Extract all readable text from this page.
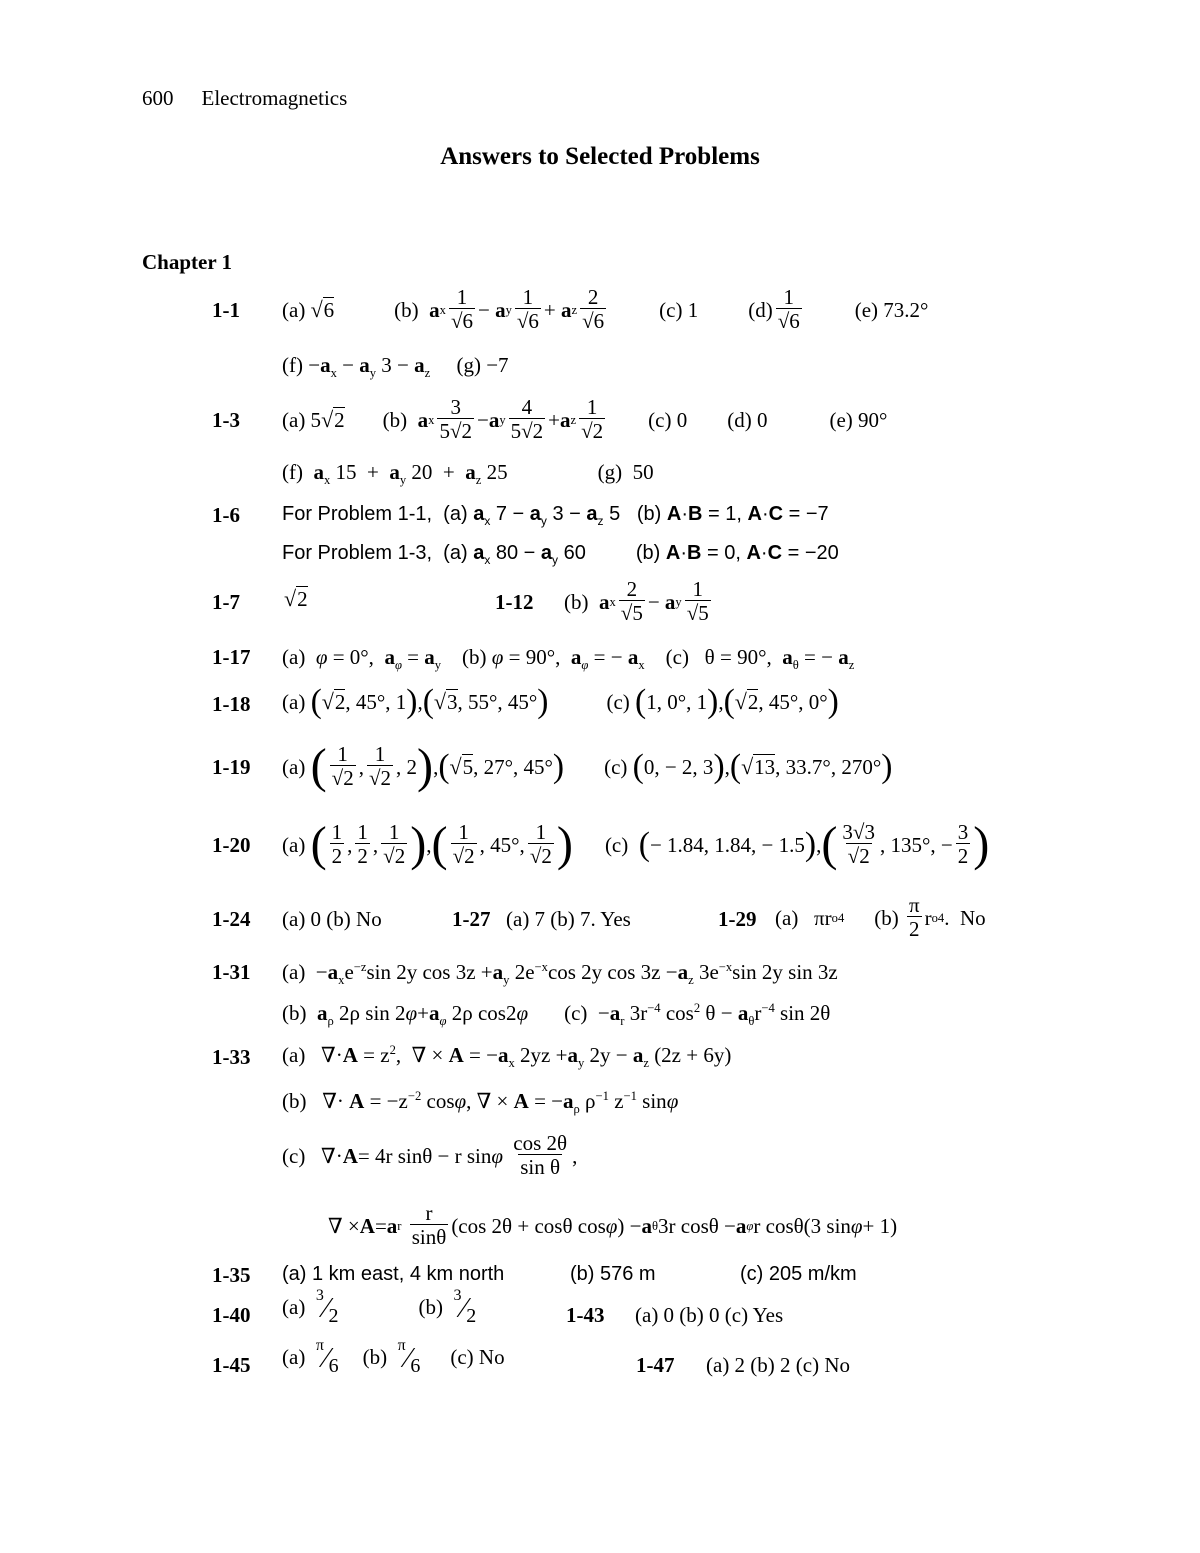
600 Electromagnetics
Answers to Selected Problems
Chapter 1
1-1 (a) √6	(b) a x $\frac{1}{√6} - a$ y $\frac{1}{√6} + a$ z $\frac{2}{√6}$	(c) 1 $(d) \frac{1}{√6}$	(e) 73.2°
$(f) -a_x - a_y$ $3 - a_z$     (g) −7
1-3 (a) 5 √2 (b) a x $\frac{3}{5√2} - a$ y $\frac{4}{5√2} + a$ z $\frac{1}{√2} (c)$ 0 (d) 0	(e) 90°
(f)  $a_x$ $15 + a_y$ $20 + a_z$ 25	(g)  50
1-6 For Problem 1-1,  (a) $a_x$ $7 - a_y$ $3 - a_z$ 5   (b) A·B = 1, A·C = −7
For Problem 1-3,  (a) $a_x$ $80 - a_y$ 60	(b) A·B = 0, A·C = −20
1-7 √2	1-12 (b) a x $\frac{2}{√5} - a$ y $\frac{1}{√5}$
1-17 (a)  φ = 0°,  $a_\varphi = a_y$    (b) φ = 90°,  $a_\varphi$ = − $a_x$    (c)   θ = 90°,  $a_\theta$ = − $a_z$
1-18 (a) ( √2 , 45°, 1 ) , ( √3 , 55°, 45° )	(c) ( 1, 0°, 1 ) , ( √2 , 45°, 0° )
1-19 (a) ( $\frac{1}{√2}$ , $\frac{1}{√2}$ , 2 ) , ( √5 , 27°, 45° ) (c) ( 0, − 2, 3 ) , ( √13 , 33.7°, 270° )
1-20 (a) ( $\frac{1}{2}$ , $\frac{1}{2}$ , $\frac{1}{√2}$ ) , ( $\frac{1}{√2}$ , 45°, $\frac{1}{√2}$ ) (c) ( − 1.84, 1.84, − 1.5 ) , ( $\frac{3√3}{√2}$ , 135°, − $\frac{3}{2}$ )
1-24 (a) 0 (b) No	1-27 (a) 7 (b) 7. Yes	1-29 (a)   πr o 4 $(b) \frac{\pi}{2}$ r o 4 .  No
1-31 $(a) -a_xe^{-z}\sin$ 2y $\cos 3z +a_y$ $2e^{-x}\cos$ 2y $\cos 3z -a_z$ $3e^{-x}\sin$ 2y sin 3z
(b)  $a_\rho$ 2ρ $\sin 2\varphi+a_\varphi$ 2ρ cos2φ $(c) -a_r$ $3r^{-4}$ $\cos^2 \theta - a_\theta r^{-4}$ sin 2θ
1-33 (a)   $\nabla\cdot A = z^2$,  ∇ × $A = -a_x$ $2yz +a_y$ $2y - a_z$ (2z + 6y)
(b)   ∇· $A = -z^{-2}$ cosφ, ∇ × $A = -a_\rho$ $\rho^{-1}$ $z^{-1}$ sinφ
(c)   ∇· A = 4r sinθ − r sin φ
$\frac{\cos 2\theta}{\text{sin θ}}$ ,
∇ × A = a r
$\frac{r}{\sin\theta} (\cos$ 2θ + cosθ cos φ ) − a θ 3r cosθ − a φ r cosθ(3 sin φ + 1)
1-35 (a) 1 km east, 4 km north	(b) 576 m	(c) 205 m/km
1-40 (a) 3 ⁄ 2	(b) 3 ⁄ 2	1-43 (a) 0 (b) 0 (c) Yes
1-45 (a) π ⁄ 6 (b) π ⁄ 6 (c) No	1-47 (a) 2 (b) 2 (c) No
